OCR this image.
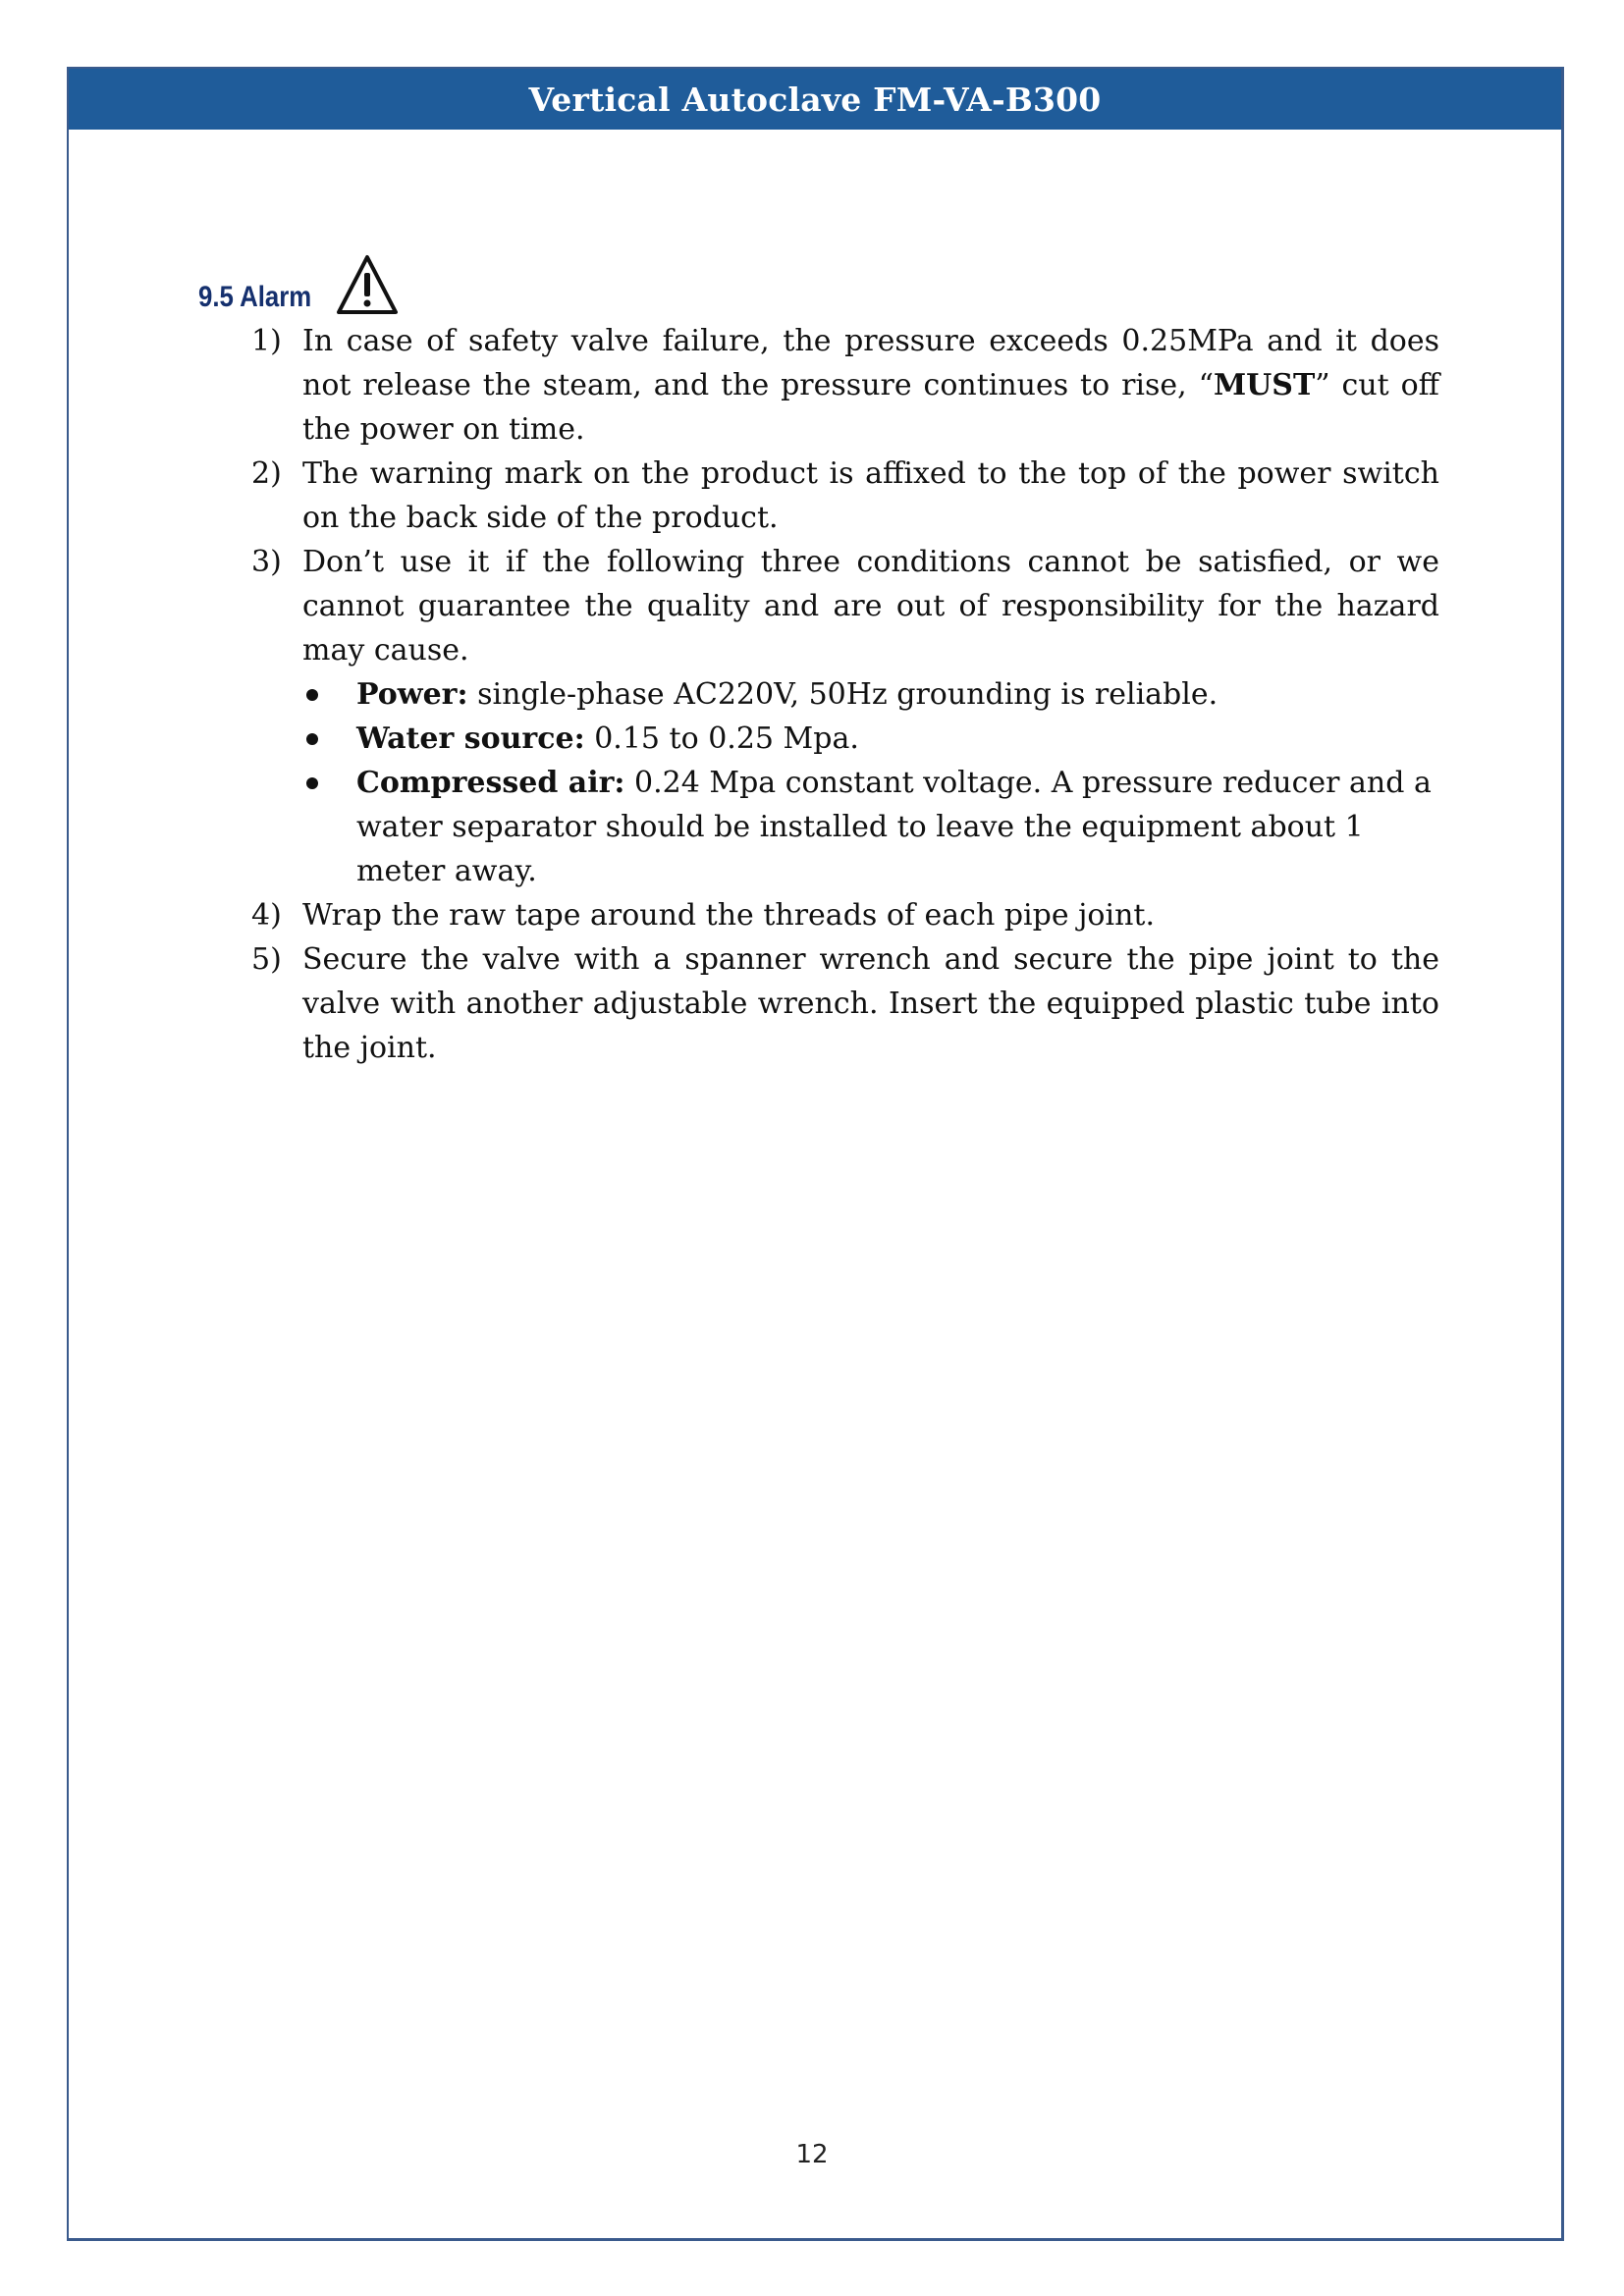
Vertical Autoclave FM-VA-B300
9.5 Alarm
1) In case of safety valve failure, the pressure exceeds 0.25MPa and it does not release the steam, and the pressure continues to rise, “MUST” cut off the power on time.
2) The warning mark on the product is affixed to the top of the power switch on the back side of the product.
3) Don’t use it if the following three conditions cannot be satisfied, or we cannot guarantee the quality and are out of responsibility for the hazard may cause.
Power: single-phase AC220V, 50Hz grounding is reliable.
Water source: 0.15 to 0.25 Mpa.
Compressed air: 0.24 Mpa constant voltage. A pressure reducer and a water separator should be installed to leave the equipment about 1 meter away.
4) Wrap the raw tape around the threads of each pipe joint.
5) Secure the valve with a spanner wrench and secure the pipe joint to the valve with another adjustable wrench. Insert the equipped plastic tube into the joint.
12
